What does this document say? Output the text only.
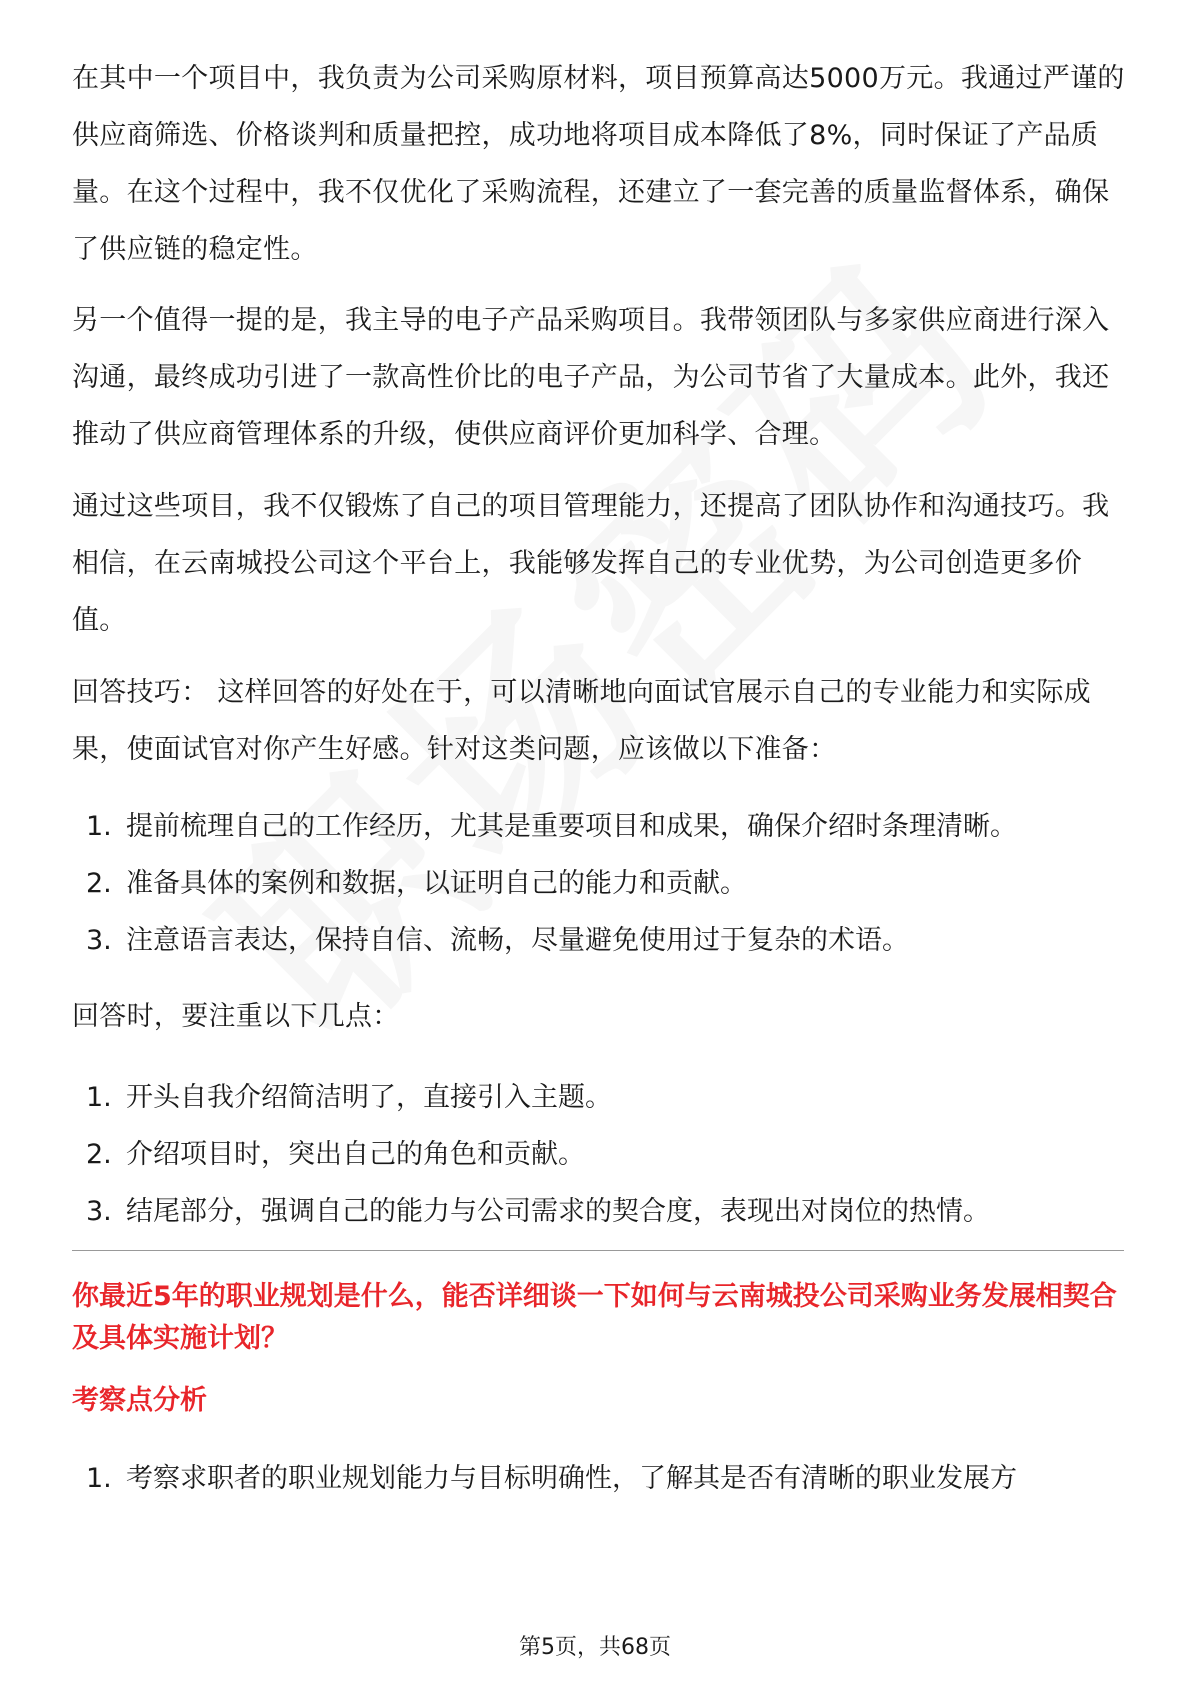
在其中一个项目中，我负责为公司采购原材料，项目预算高达5000万元。我通过严谨的供应商筛选、价格谈判和质量把控，成功地将项目成本降低了8%，同时保证了产品质量。在这个过程中，我不仅优化了采购流程，还建立了一套完善的质量监督体系，确保了供应链的稳定性。

另一个值得一提的是，我主导的电子产品采购项目。我带领团队与多家供应商进行深入沟通，最终成功引进了一款高性价比的电子产品，为公司节省了大量成本。此外，我还推动了供应商管理体系的升级，使供应商评价更加科学、合理。

通过这些项目，我不仅锻炼了自己的项目管理能力，还提高了团队协作和沟通技巧。我相信，在云南城投公司这个平台上，我能够发挥自己的专业优势，为公司创造更多价值。

回答技巧： 这样回答的好处在于，可以清晰地向面试官展示自己的专业能力和实际成果，使面试官对你产生好感。针对这类问题，应该做以下准备：

1. 提前梳理自己的工作经历，尤其是重要项目和成果，确保介绍时条理清晰。
2. 准备具体的案例和数据，以证明自己的能力和贡献。
3. 注意语言表达，保持自信、流畅，尽量避免使用过于复杂的术语。

回答时，要注重以下几点：

1. 开头自我介绍简洁明了，直接引入主题。
2. 介绍项目时，突出自己的角色和贡献。
3. 结尾部分，强调自己的能力与公司需求的契合度，表现出对岗位的热情。

你最近5年的职业规划是什么，能否详细谈一下如何与云南城投公司采购业务发展相契合及具体实施计划？

考察点分析

1. 考察求职者的职业规划能力与目标明确性，了解其是否有清晰的职业发展方
第5页，共68页
